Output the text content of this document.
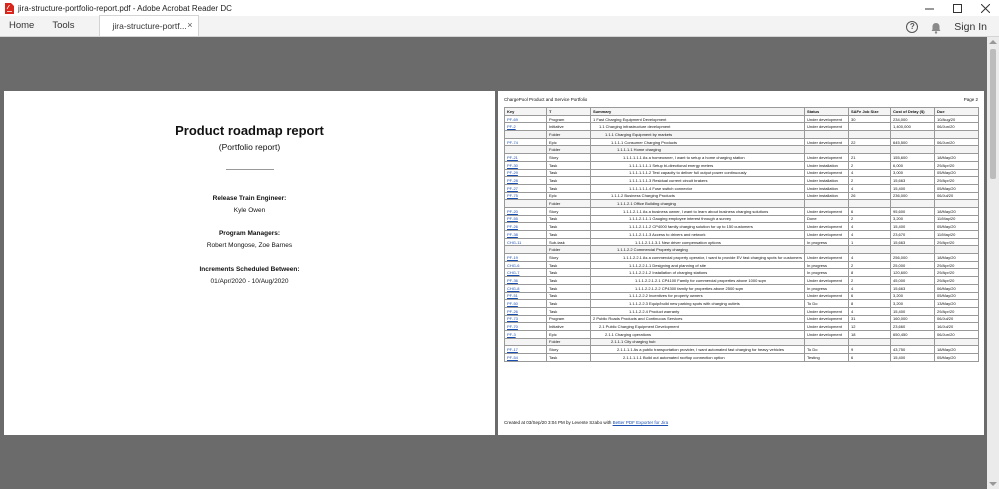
jira-structure-portfolio-report.pdf - Adobe Acrobat Reader DC
Home	Tools	jira-structure-portf... ×	?	Sign In
Product roadmap report
(Portfolio report)
Release Train Engineer:
Kyle Owen
Program Managers:
Robert Mongose, Zoe Barnes
Increments Scheduled Between:
01/Apr/2020 - 10/Aug/2020
ChargePool Product and Service Portfolio	Page 2
Key	T	Summary	Status	SAFe Job Size	Cost of Delay ($)	Due
PF-69	Program	1 Fast Charging Equipment Development	Under development	30	234,000	10/Aug/20
PF-2	Initiative	1.1 Charging infrastructure development	Under development		1,400,000	06/Jun/20
	Folder	1.1.1 Charging Equipment by markets				
PF-74	Epic	1.1.1.1 Consumer Charging Products	Under development	22	645,500	06/Jun/20
	Folder	1.1.1.1.1 Home charging				
PF-21	Story	1.1.1.1.1.1 As a homeowner, I want to setup a home charging station	Under development	21	155,600	18/May/20
PF-30	Task	1.1.1.1.1.1.1 Setup bi-directional energy meters	Under installation	2	6,000	29/Apr/20
PF-29	Task	1.1.1.1.1.1.2 Test capacity to deliver full output power continuously	Under development	4	3,000	05/May/20
PF-28	Task	1.1.1.1.1.1.3 Residual current circuit brakers	Under installation	2	15,663	29/Apr/20
PF-27	Task	1.1.1.1.1.1.4 Fuse switch connector	Under installation	4	15,400	05/May/20
PF-75	Epic	1.1.1.2 Business Charging Products	Under installation	26	236,000	06/Jul/20
	Folder	1.1.1.2.1 Office Building charging				
PF-20	Story	1.1.1.2.1.1 As a business owner, I want to learn about business charging solutions	Under development	6	95,600	18/May/20
PF-55	Task	1.1.1.2.1.1.1 Gauging employee interest through a survey	Done	2	3,200	11/May/20
PF-26	Task	1.1.1.2.1.1.2 CP4000 family charging solution for up to 150 customers	Under development	4	15,400	05/May/20
PF-38	Task	1.1.1.2.1.1.3 Access to drivers and network	Under development	4	23,670	11/May/20
CHG-11	Sub-task	1.1.1.2.1.1.3.1 New driver compensation options	In progress	1	15,663	29/Apr/20
	Folder	1.1.1.2.2 Commercial Property charging				
PF-19	Story	1.1.1.2.2.1 As a commercial property operator, I want to provide EV fast charging spots for customers	Under development	4	256,000	18/May/20
CHG-6	Task	1.1.1.2.2.1.1 Designing and planning of site	In progress	2	25,000	29/Apr/20
CHG-7	Task	1.1.1.2.2.1.2 Installation of charging stations	In progress	8	120,600	29/Apr/20
PF-36	Task	1.1.1.2.2.1.2.1 CP4100 Family for commercial properties above 1000 sqm	Under development	2	45,000	29/Apr/20
CHG-8	Task	1.1.1.2.2.1.2.2 CP4300 family for properties above 2500 sqm	In progress	4	15,663	06/May/20
PF-51	Task	1.1.1.2.2.2 Incentives for property owners	Under development	6	3,200	05/May/20
PF-50	Task	1.1.1.2.2.3 Equip/build new parking spots with charging outlets	To Do	8	3,200	13/May/20
PF-26	Task	1.1.1.2.2.4 Product warranty	Under development	4	15,400	29/Apr/20
PF-73	Program	2 Public Roads Products and Continuous Services	Under development	31	160,000	06/Jul/20
PF-70	Initiative	2.1 Public Charging Equipment Development	Under development	12	23,660	16/Jul/20
PF-3	Epic	2.1.1 Charging operations	Under development	18	650,450	06/Jun/20
	Folder	2.1.1.1 City charging hub				
PF-17	Story	2.1.1.1.1 As a public transportation provider, I want automated fast charging for heavy vehicles	To Do	9	43,750	18/May/20
PF-54	Task	2.1.1.1.1.1 Build out automated rooftop connection option	Testing	6	15,400	05/May/20
Created at 03/Sep/20 3:04 PM by Levente Szabo with Better PDF Exporter for Jira
